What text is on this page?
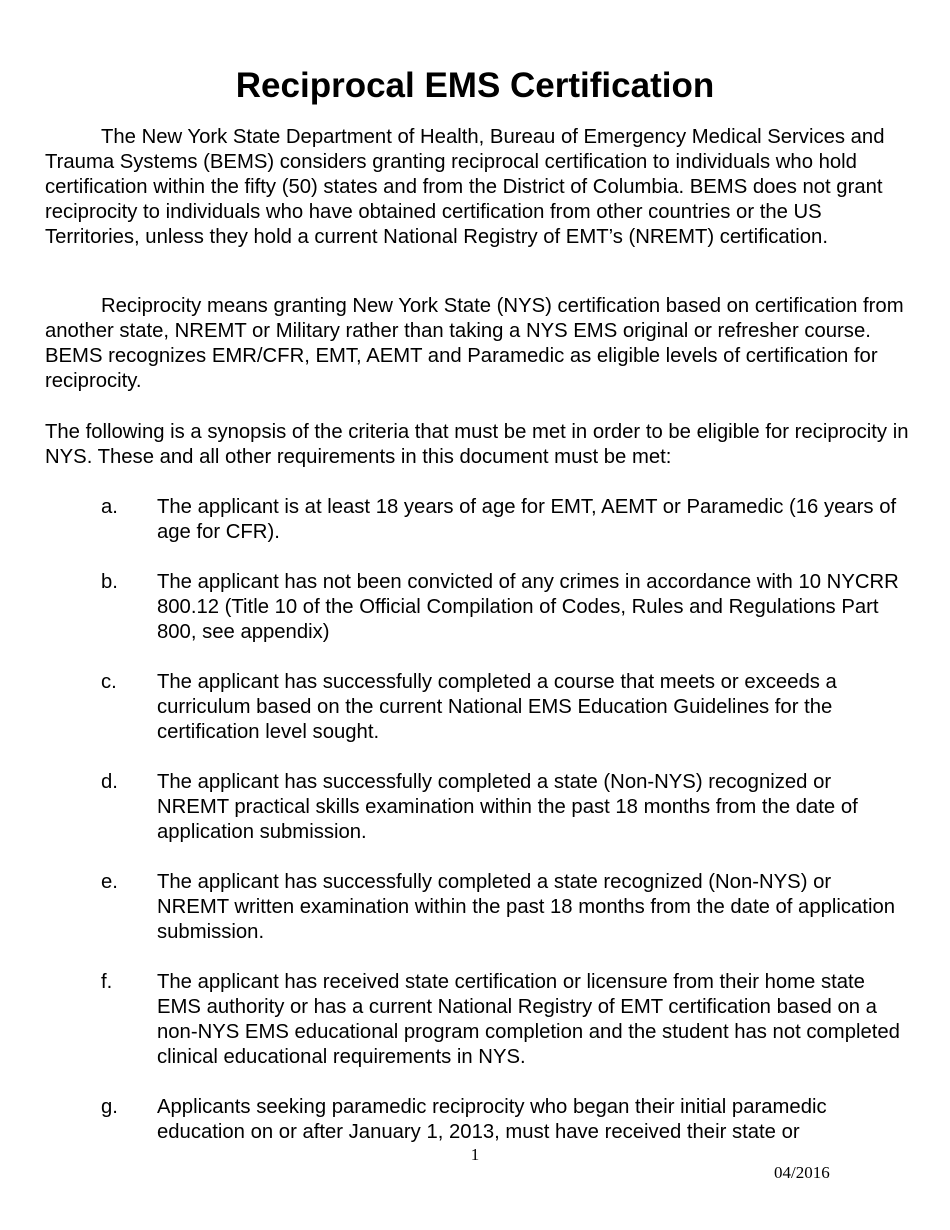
Reciprocal EMS Certification

The New York State Department of Health, Bureau of Emergency Medical Services and Trauma Systems (BEMS) considers granting reciprocal certification to individuals who hold certification within the fifty (50) states and from the District of Columbia. BEMS does not grant reciprocity to individuals who have obtained certification from other countries or the US Territories, unless they hold a current National Registry of EMT’s (NREMT) certification.

Reciprocity means granting New York State (NYS) certification based on certification from another state, NREMT or Military rather than taking a NYS EMS original or refresher course. BEMS recognizes EMR/CFR, EMT, AEMT and Paramedic as eligible levels of certification for reciprocity.

The following is a synopsis of the criteria that must be met in order to be eligible for reciprocity in NYS. These and all other requirements in this document must be met:

a. The applicant is at least 18 years of age for EMT, AEMT or Paramedic (16 years of age for CFR).
b. The applicant has not been convicted of any crimes in accordance with 10 NYCRR 800.12 (Title 10 of the Official Compilation of Codes, Rules and Regulations Part 800, see appendix)
c. The applicant has successfully completed a course that meets or exceeds a curriculum based on the current National EMS Education Guidelines for the certification level sought.
d. The applicant has successfully completed a state (Non-NYS) recognized or NREMT practical skills examination within the past 18 months from the date of application submission.
e. The applicant has successfully completed a state recognized (Non-NYS) or NREMT written examination within the past 18 months from the date of application submission.
f. The applicant has received state certification or licensure from their home state EMS authority or has a current National Registry of EMT certification based on a non-NYS EMS educational program completion and the student has not completed clinical educational requirements in NYS.
g. Applicants seeking paramedic reciprocity who began their initial paramedic education on or after January 1, 2013, must have received their state or
1
04/2016
